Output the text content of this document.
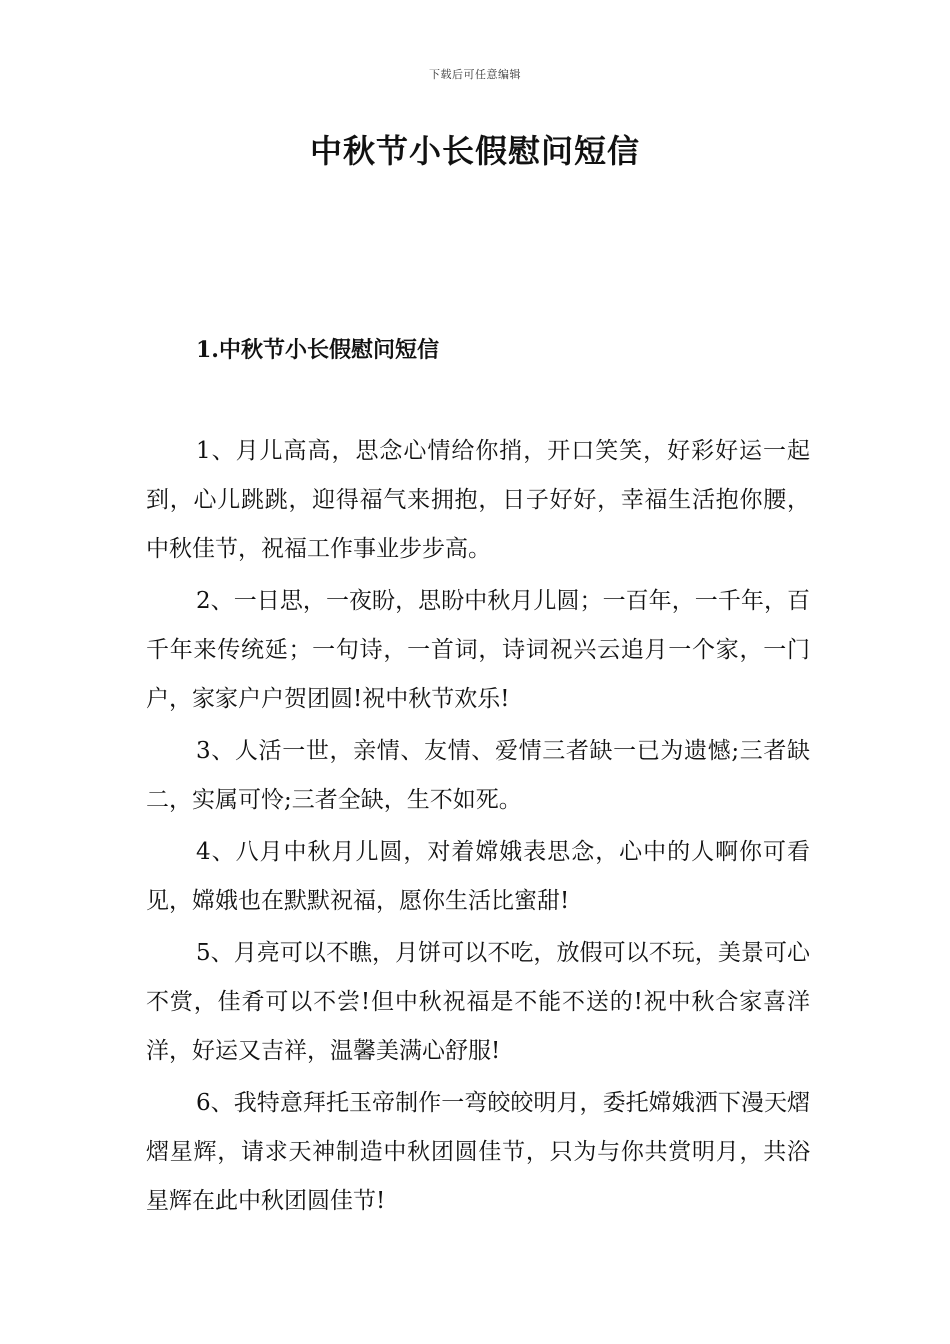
下载后可任意编辑
中秋节小长假慰问短信
1.中秋节小长假慰问短信

1、月儿高高，思念心情给你捎，开口笑笑，好彩好运一起到，心儿跳跳，迎得福气来拥抱，日子好好，幸福生活抱你腰，中秋佳节，祝福工作事业步步高。

2、一日思，一夜盼，思盼中秋月儿圆；一百年，一千年，百千年来传统延；一句诗，一首词，诗词祝兴云追月一个家，一门户，家家户户贺团圆!祝中秋节欢乐!

3、人活一世，亲情、友情、爱情三者缺一已为遗憾;三者缺二，实属可怜;三者全缺，生不如死。

4、八月中秋月儿圆，对着嫦娥表思念，心中的人啊你可看见，嫦娥也在默默祝福，愿你生活比蜜甜!

5、月亮可以不瞧，月饼可以不吃，放假可以不玩，美景可心不赏，佳肴可以不尝!但中秋祝福是不能不送的!祝中秋合家喜洋洋，好运又吉祥，温馨美满心舒服!

6、我特意拜托玉帝制作一弯皎皎明月，委托嫦娥洒下漫天熠熠星辉，请求天神制造中秋团圆佳节，只为与你共赏明月，共浴星辉在此中秋团圆佳节!
